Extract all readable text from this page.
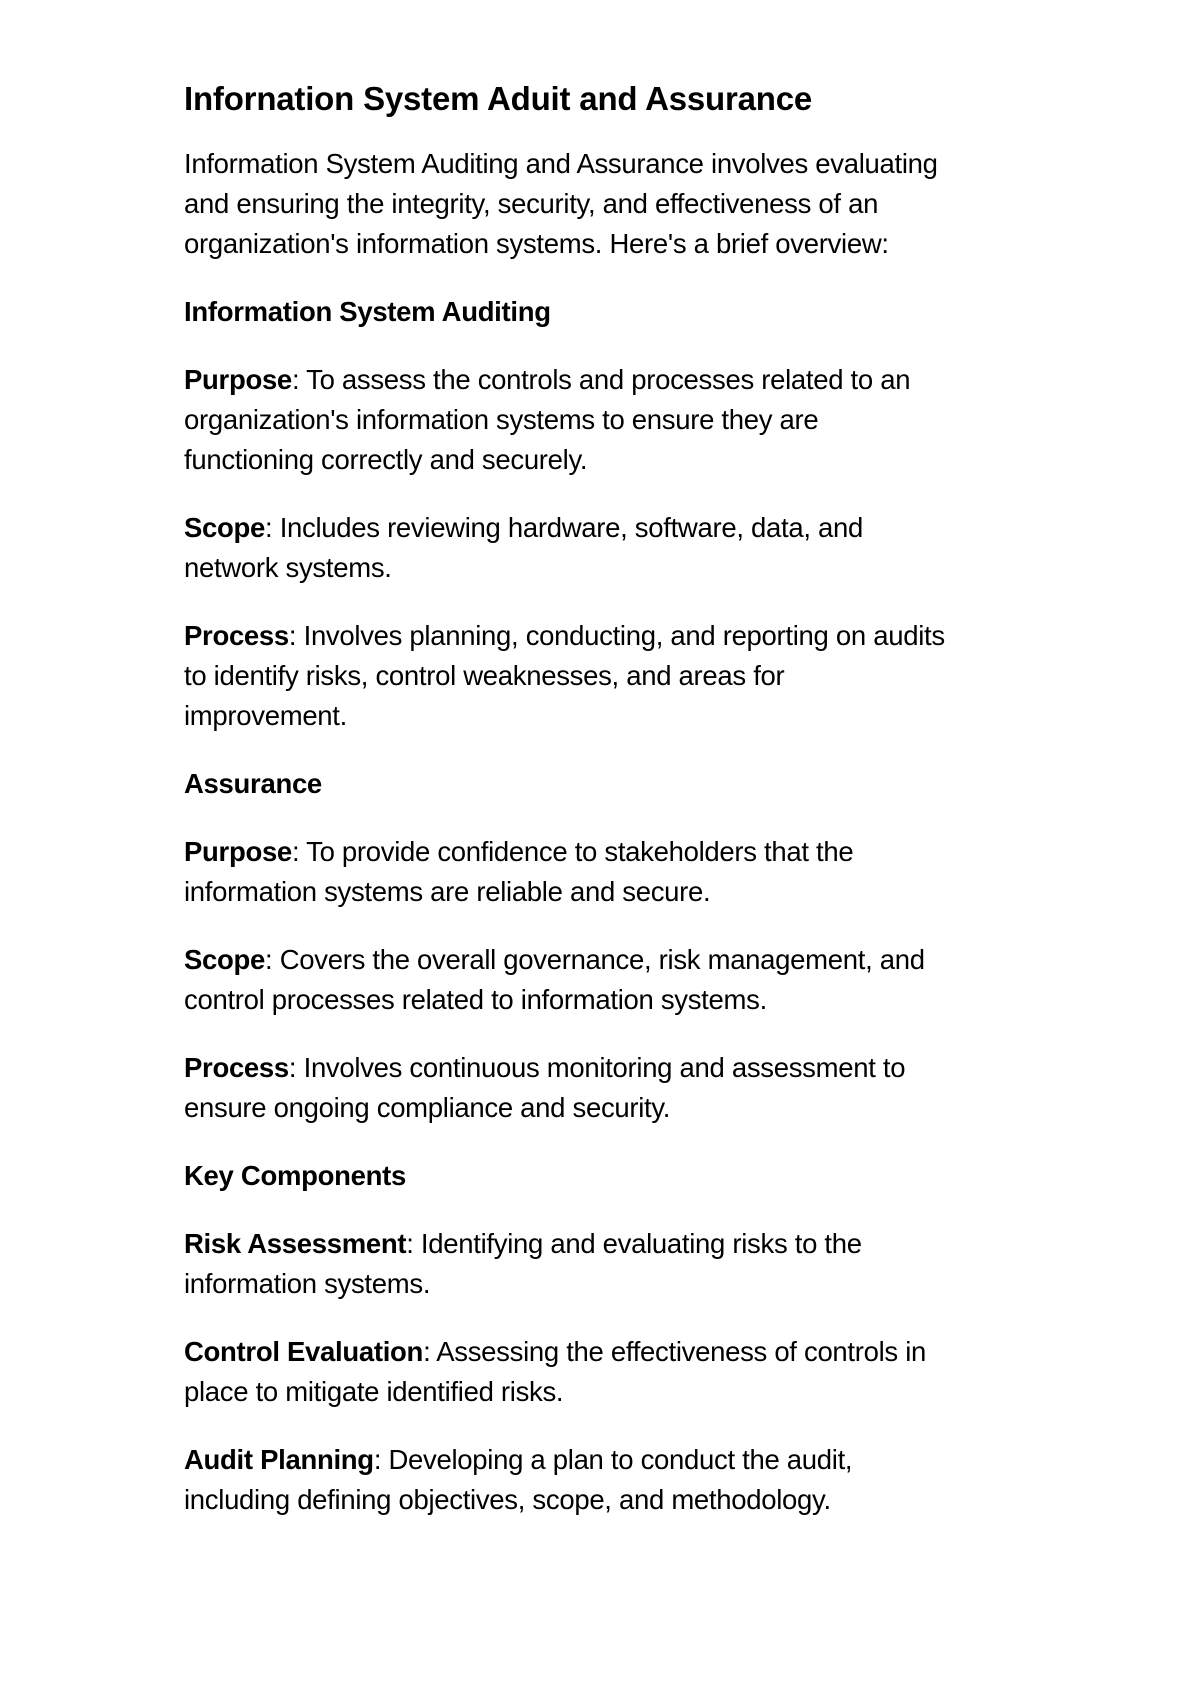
Infornation System Aduit and Assurance

Information System Auditing and Assurance involves evaluating
and ensuring the integrity, security, and effectiveness of an
organization's information systems. Here's a brief overview:

Information System Auditing

Purpose: To assess the controls and processes related to an
organization's information systems to ensure they are
functioning correctly and securely.

Scope: Includes reviewing hardware, software, data, and
network systems.

Process: Involves planning, conducting, and reporting on audits
to identify risks, control weaknesses, and areas for
improvement.

Assurance

Purpose: To provide confidence to stakeholders that the
information systems are reliable and secure.

Scope: Covers the overall governance, risk management, and
control processes related to information systems.

Process: Involves continuous monitoring and assessment to
ensure ongoing compliance and security.

Key Components

Risk Assessment: Identifying and evaluating risks to the
information systems.

Control Evaluation: Assessing the effectiveness of controls in
place to mitigate identified risks.

Audit Planning: Developing a plan to conduct the audit,
including defining objectives, scope, and methodology.
